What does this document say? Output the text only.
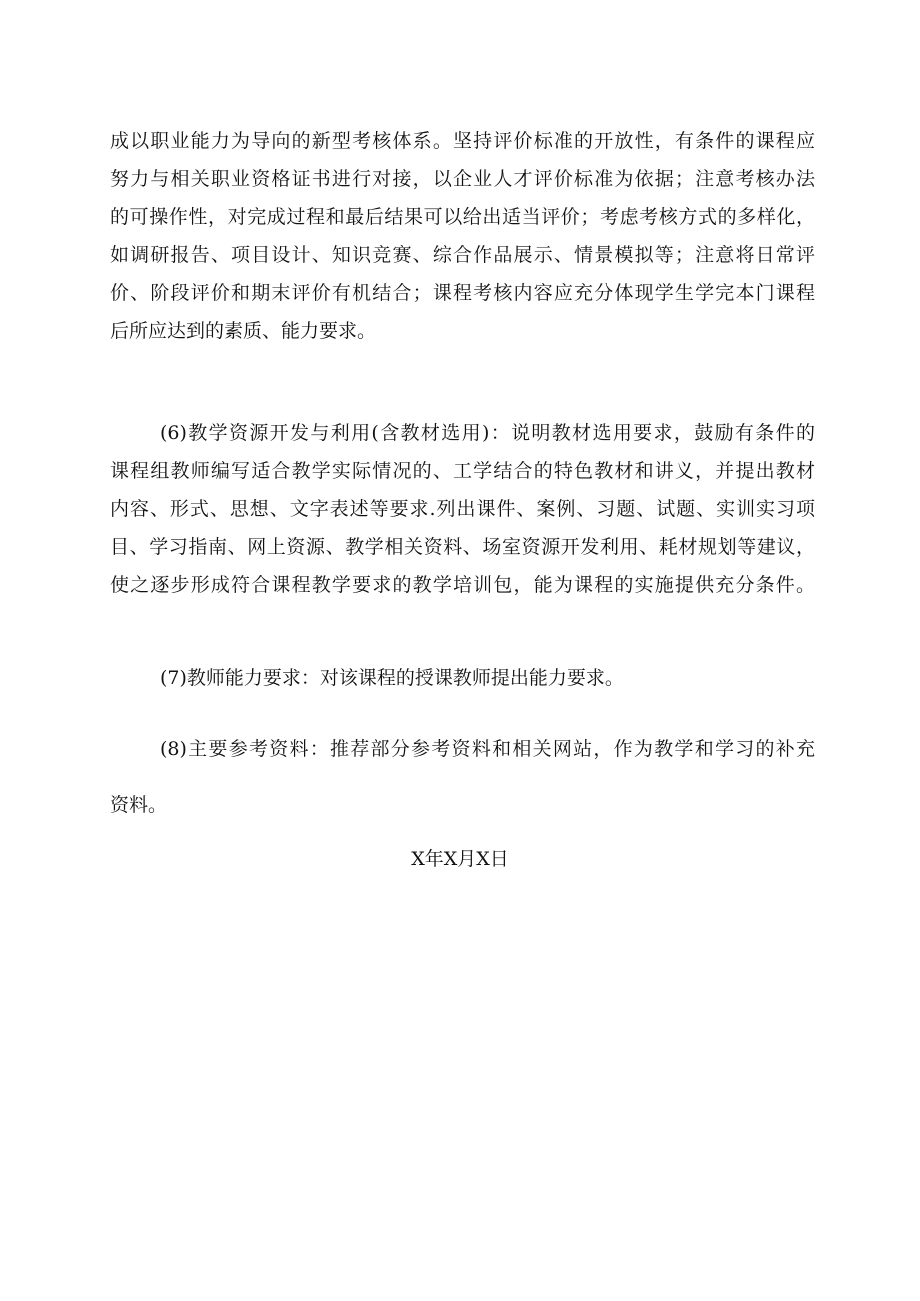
成以职业能力为导向的新型考核体系。坚持评价标准的开放性，有条件的课程应
努力与相关职业资格证书进行对接，以企业人才评价标准为依据；注意考核办法
的可操作性，对完成过程和最后结果可以给出适当评价；考虑考核方式的多样化，
如调研报告、项目设计、知识竞赛、综合作品展示、情景模拟等；注意将日常评
价、阶段评价和期末评价有机结合；课程考核内容应充分体现学生学完本门课程
后所应达到的素质、能力要求。
(6)教学资源开发与利用(含教材选用)：说明教材选用要求，鼓励有条件的
课程组教师编写适合教学实际情况的、工学结合的特色教材和讲义，并提出教材
内容、形式、思想、文字表述等要求.列出课件、案例、习题、试题、实训实习项
目、学习指南、网上资源、教学相关资料、场室资源开发利用、耗材规划等建议，
使之逐步形成符合课程教学要求的教学培训包，能为课程的实施提供充分条件。
(7)教师能力要求：对该课程的授课教师提出能力要求。
(8)主要参考资料：推荐部分参考资料和相关网站，作为教学和学习的补充
资料。
X年X月X日
